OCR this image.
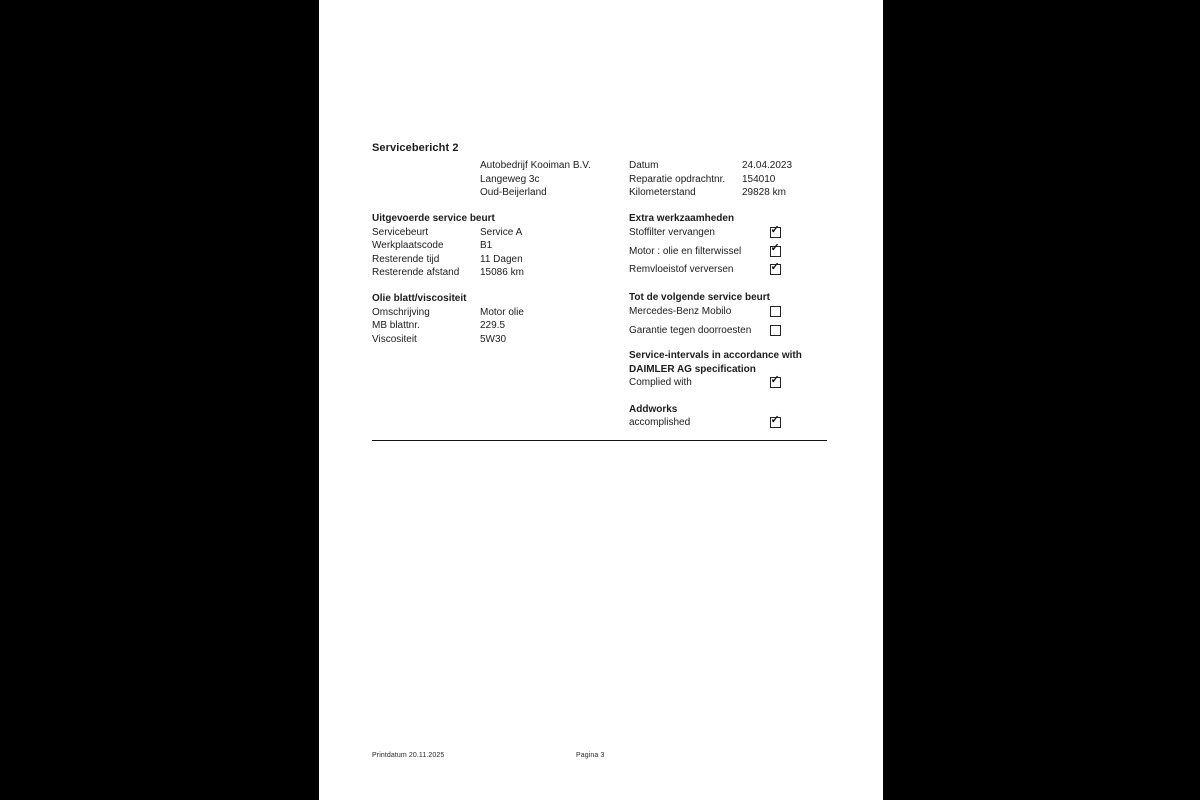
Servicebericht 2
Autobedrijf Kooiman B.V.
Langeweg 3c
Oud-Beijerland
Datum	24.04.2023
Reparatie opdrachtnr.	154010
Kilometerstand	29828 km
Uitgevoerde service beurt
Servicebeurt	Service A
Werkplaatscode	B1
Resterende tijd	11 Dagen
Resterende afstand	15086 km
Olie blatt/viscositeit
Omschrijving	Motor olie
MB blattnr.	229.5
Viscositeit	5W30
Extra werkzaamheden
Stoffilter vervangen	✓
Motor : olie en filterwissel	✓
Remvloeistof verversen	✓
Tot de volgende service beurt
Mercedes-Benz Mobilo
Garantie tegen doorroesten
Service-intervals in accordance with DAIMLER AG specification
Complied with	✓
Addworks
accomplished	✓
Printdatum 20.11.2025	Pagina 3
